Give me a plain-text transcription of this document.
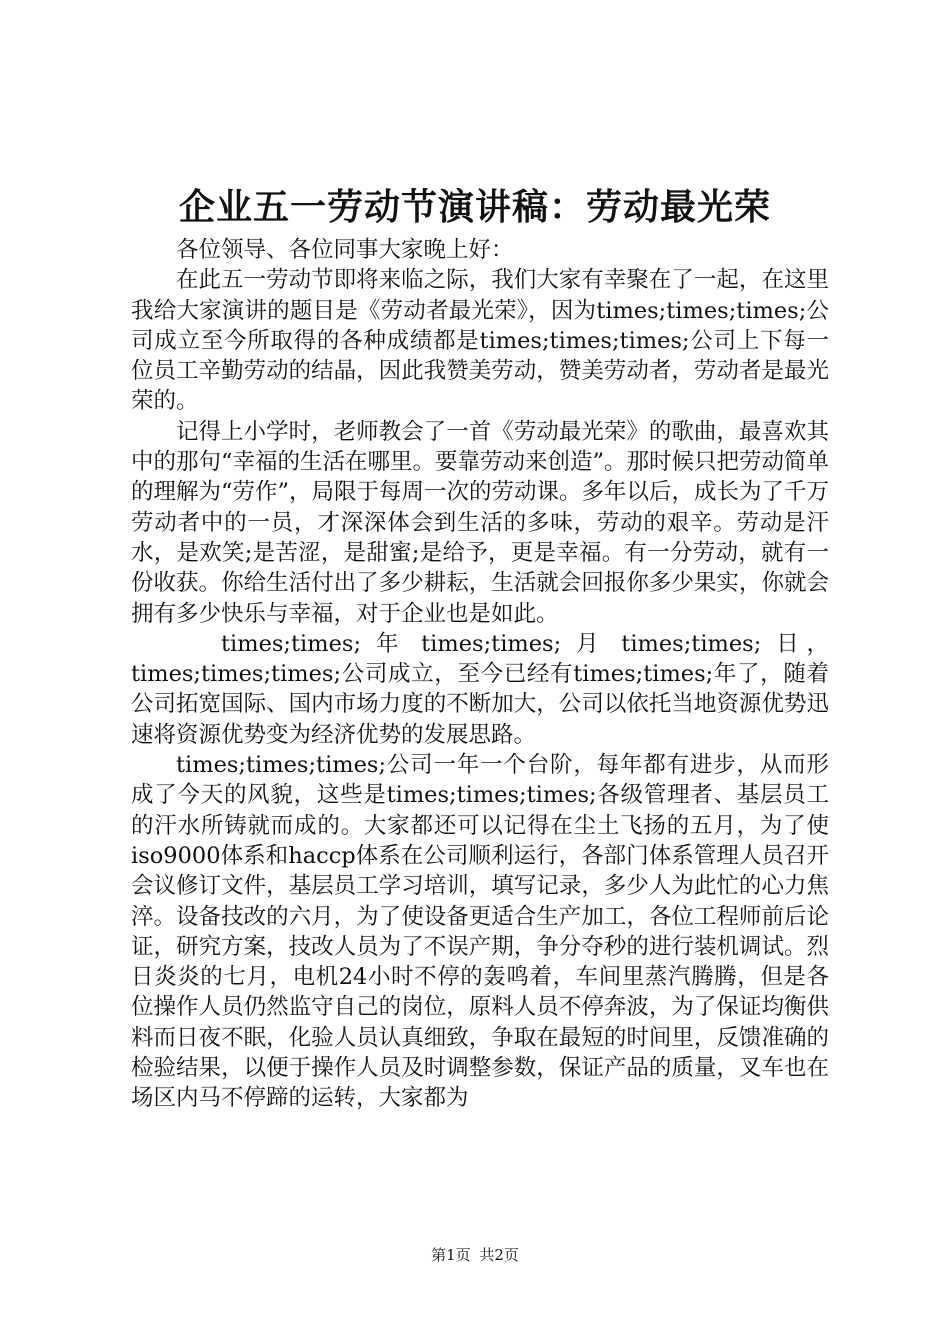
企业五一劳动节演讲稿：劳动最光荣

各位领导、各位同事大家晚上好：

在此五一劳动节即将来临之际，我们大家有幸聚在了一起，在这里我给大家演讲的题目是《劳动者最光荣》，因为times;times;times;公司成立至今所取得的各种成绩都是times;times;times;公司上下每一位员工辛勤劳动的结晶，因此我赞美劳动，赞美劳动者，劳动者是最光荣的。

记得上小学时，老师教会了一首《劳动最光荣》的歌曲，最喜欢其中的那句“幸福的生活在哪里。要靠劳动来创造”。那时候只把劳动简单的理解为“劳作”，局限于每周一次的劳动课。多年以后，成长为了千万劳动者中的一员，才深深体会到生活的多味，劳动的艰辛。劳动是汗水，是欢笑;是苦涩，是甜蜜;是给予，更是幸福。有一分劳动，就有一份收获。你给生活付出了多少耕耘，生活就会回报你多少果实，你就会拥有多少快乐与幸福，对于企业也是如此。

times;times; 年 times;times; 月 times;times; 日，times;times;times;公司成立，至今已经有times;times;年了，随着公司拓宽国际、国内市场力度的不断加大，公司以依托当地资源优势迅速将资源优势变为经济优势的发展思路。

times;times;times;公司一年一个台阶，每年都有进步，从而形成了今天的风貌，这些是times;times;times;各级管理者、基层员工的汗水所铸就而成的。大家都还可以记得在尘土飞扬的五月，为了使iso9000体系和haccp体系在公司顺利运行，各部门体系管理人员召开会议修订文件，基层员工学习培训，填写记录，多少人为此忙的心力焦淬。设备技改的六月，为了使设备更适合生产加工，各位工程师前后论证，研究方案，技改人员为了不误产期，争分夺秒的进行装机调试。烈日炎炎的七月，电机24小时不停的轰鸣着，车间里蒸汽腾腾，但是各位操作人员仍然监守自己的岗位，原料人员不停奔波，为了保证均衡供料而日夜不眠，化验人员认真细致，争取在最短的时间里，反馈准确的检验结果，以便于操作人员及时调整参数，保证产品的质量，叉车也在场区内马不停蹄的运转，大家都为

第1页 共2页
